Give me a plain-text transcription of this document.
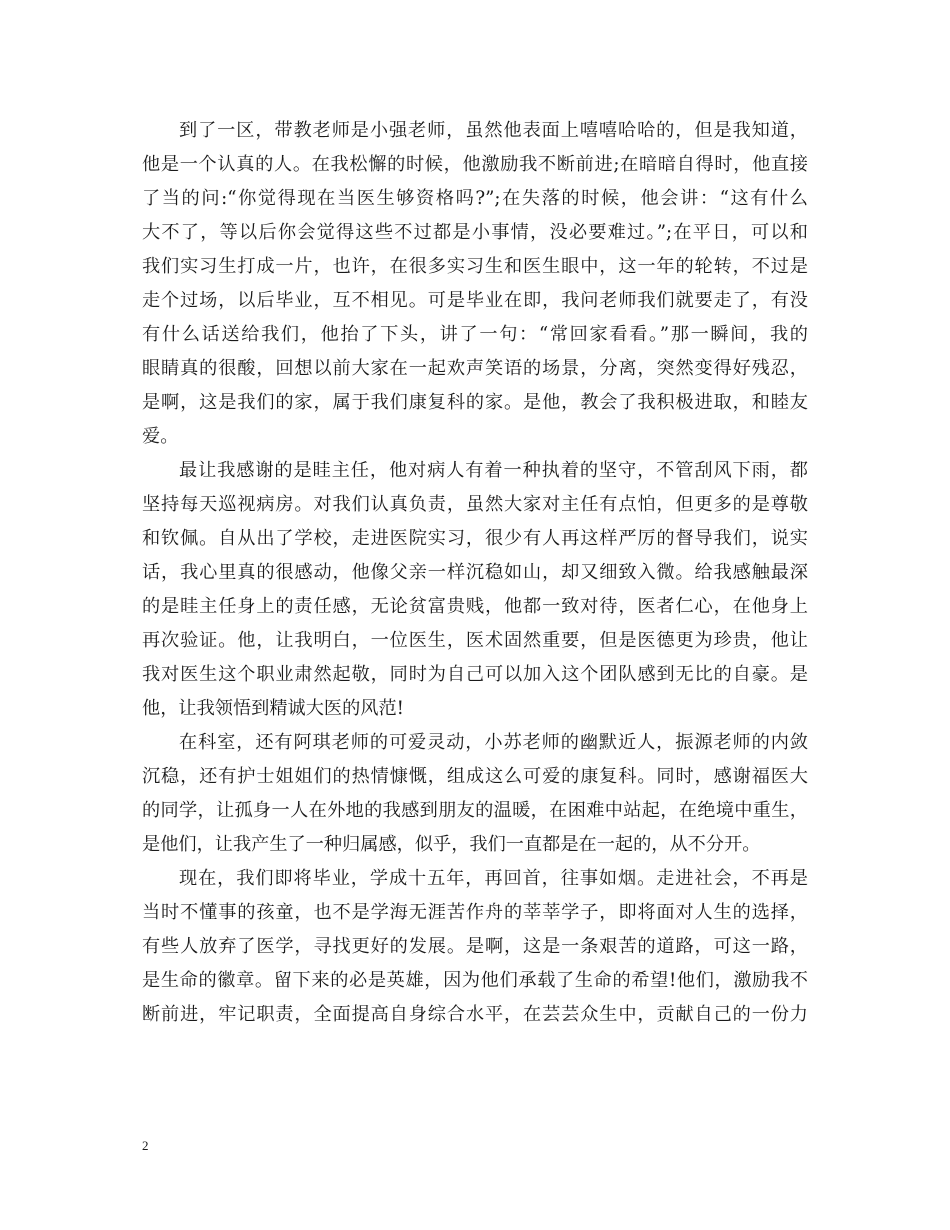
到了一区，带教老师是小强老师，虽然他表面上嘻嘻哈哈的，但是我知道，
他是一个认真的人。在我松懈的时候，他激励我不断前进;在暗暗自得时，他直接
了当的问:“你觉得现在当医生够资格吗?”;在失落的时候，他会讲：“这有什么
大不了，等以后你会觉得这些不过都是小事情，没必要难过。”;在平日，可以和
我们实习生打成一片，也许，在很多实习生和医生眼中，这一年的轮转，不过是
走个过场，以后毕业，互不相见。可是毕业在即，我问老师我们就要走了，有没
有什么话送给我们，他抬了下头，讲了一句：“常回家看看。”那一瞬间，我的
眼睛真的很酸，回想以前大家在一起欢声笑语的场景，分离，突然变得好残忍，
是啊，这是我们的家，属于我们康复科的家。是他，教会了我积极进取，和睦友
爱。
最让我感谢的是眭主任，他对病人有着一种执着的坚守，不管刮风下雨，都
坚持每天巡视病房。对我们认真负责，虽然大家对主任有点怕，但更多的是尊敬
和钦佩。自从出了学校，走进医院实习，很少有人再这样严厉的督导我们，说实
话，我心里真的很感动，他像父亲一样沉稳如山，却又细致入微。给我感触最深
的是眭主任身上的责任感，无论贫富贵贱，他都一致对待，医者仁心，在他身上
再次验证。他，让我明白，一位医生，医术固然重要，但是医德更为珍贵，他让
我对医生这个职业肃然起敬，同时为自己可以加入这个团队感到无比的自豪。是
他，让我领悟到精诚大医的风范!
在科室，还有阿琪老师的可爱灵动，小苏老师的幽默近人，振源老师的内敛
沉稳，还有护士姐姐们的热情慷慨，组成这么可爱的康复科。同时，感谢福医大
的同学，让孤身一人在外地的我感到朋友的温暖，在困难中站起，在绝境中重生，
是他们，让我产生了一种归属感，似乎，我们一直都是在一起的，从不分开。
现在，我们即将毕业，学成十五年，再回首，往事如烟。走进社会，不再是
当时不懂事的孩童，也不是学海无涯苦作舟的莘莘学子，即将面对人生的选择，
有些人放弃了医学，寻找更好的发展。是啊，这是一条艰苦的道路，可这一路，
是生命的徽章。留下来的必是英雄，因为他们承载了生命的希望!他们，激励我不
断前进，牢记职责，全面提高自身综合水平，在芸芸众生中，贡献自己的一份力
2
